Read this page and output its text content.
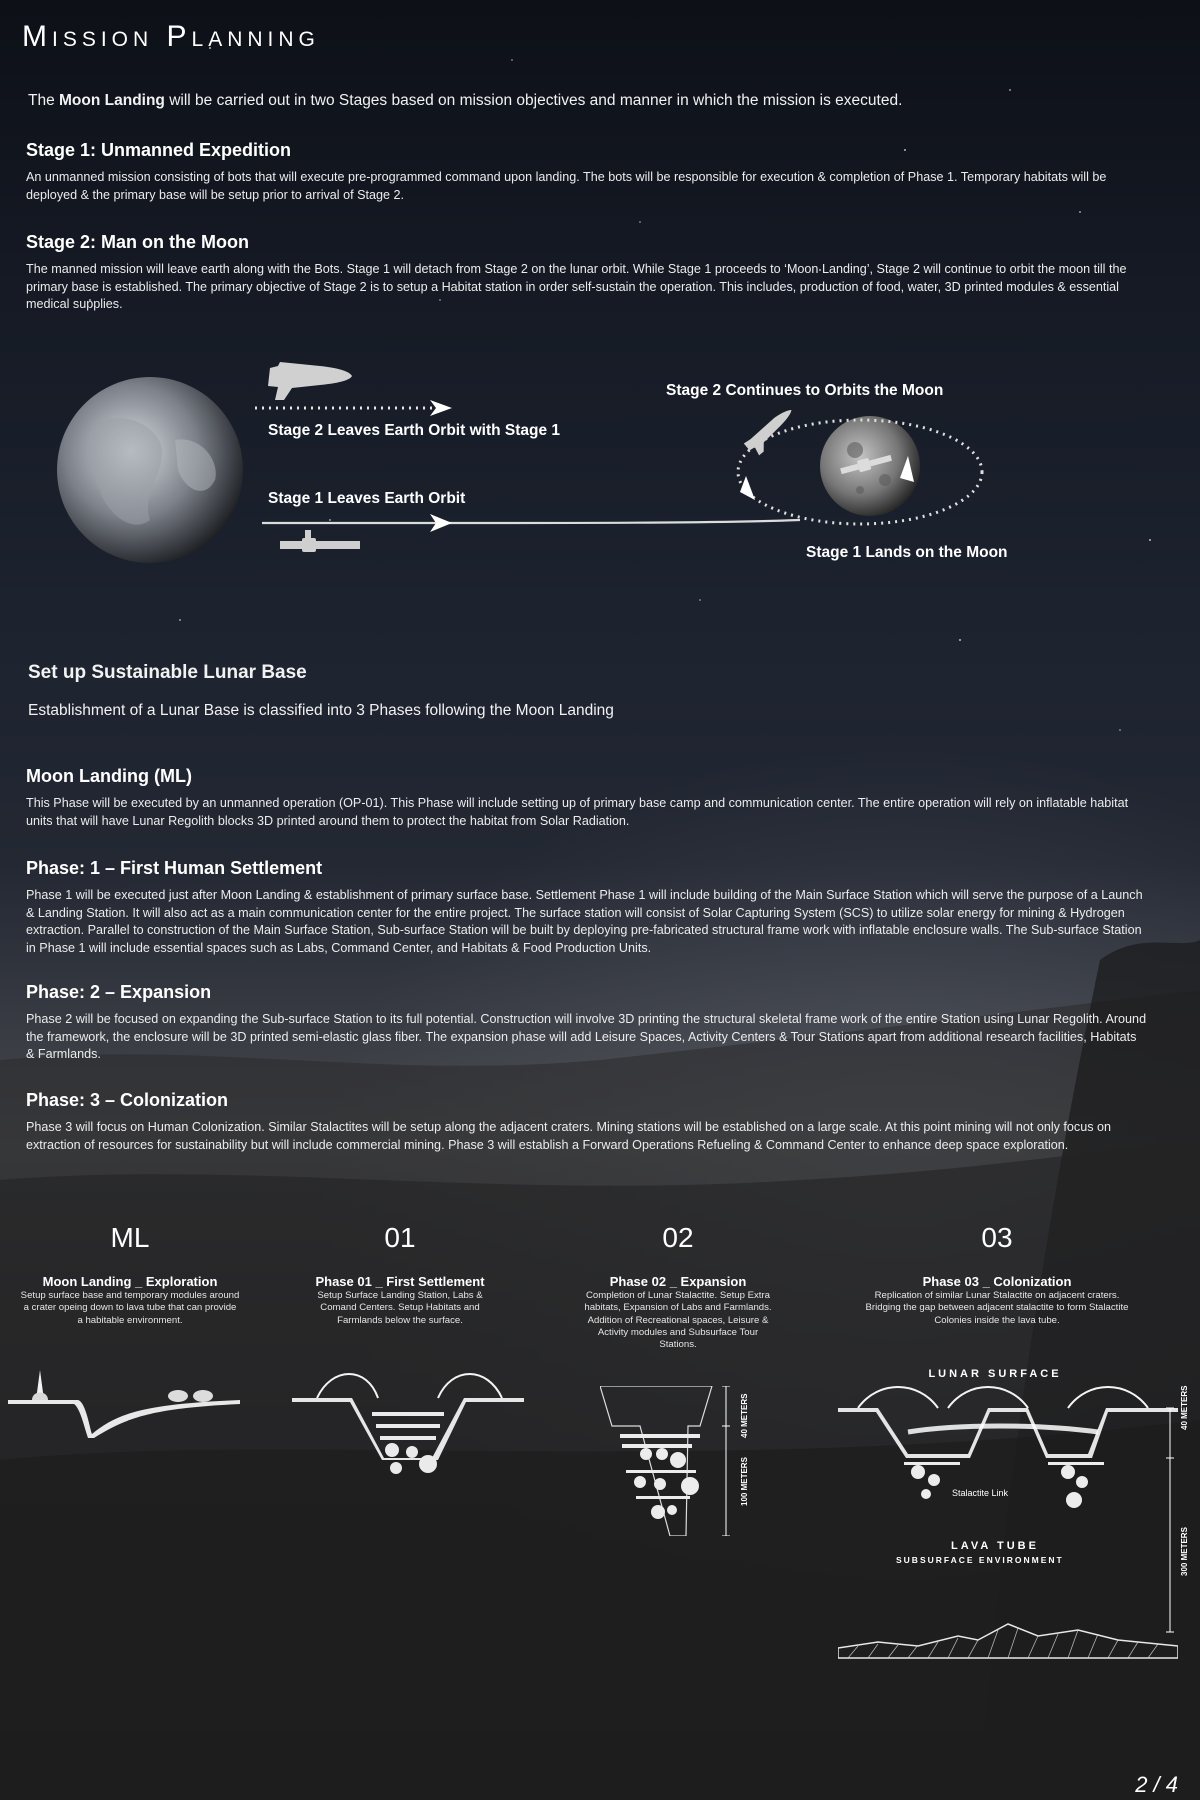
Mission Planning
The Moon Landing will be carried out in two Stages based on mission objectives and manner in which the mission is executed.
Stage 1: Unmanned Expedition

An unmanned mission consisting of bots that will execute pre-programmed command upon landing. The bots will be responsible for execution & completion of Phase 1. Temporary habitats will be deployed & the primary base will be setup prior to arrival of Stage 2.

Stage 2: Man on the Moon

The manned mission will leave earth along with the Bots. Stage 1 will detach from Stage 2 on the lunar orbit. While Stage 1 proceeds to ‘Moon Landing’, Stage 2 will continue to orbit the moon till the primary base is established. The primary objective of Stage 2 is to setup a Habitat station in order self-sustain the operation. This includes, production of food, water, 3D printed modules & essential medical supplies.

Stage 2 Leaves Earth Orbit with Stage 1
Stage 1 Leaves Earth Orbit
Stage 2 Continues to Orbits the Moon
Stage 1 Lands on the Moon
Set up Sustainable Lunar Base
Establishment of a Lunar Base is classified into 3 Phases following the Moon Landing
Moon Landing (ML)

This Phase will be executed by an unmanned operation (OP-01). This Phase will include setting up of primary base camp and communication center. The entire operation will rely on inflatable habitat units that will have Lunar Regolith blocks 3D printed around them to protect the habitat from Solar Radiation.

Phase: 1 – First Human Settlement

Phase 1 will be executed just after Moon Landing & establishment of primary surface base. Settlement Phase 1 will include building of the Main Surface Station which will serve the purpose of a Launch & Landing Station. It will also act as a main communication center for the entire project. The surface station will consist of Solar Capturing System (SCS) to utilize solar energy for mining & Hydrogen extraction. Parallel to construction of the Main Surface Station, Sub-surface Station will be built by deploying pre-fabricated structural frame work with inflatable enclosure walls. The Sub-surface Station in Phase 1 will include essential spaces such as Labs, Command Center, and Habitats & Food Production Units.

Phase: 2 – Expansion

Phase 2 will be focused on expanding the Sub-surface Station to its full potential. Construction will involve 3D printing the structural skeletal frame work of the entire Station using Lunar Regolith. Around the framework, the enclosure will be 3D printed semi-elastic glass fiber. The expansion phase will add Leisure Spaces, Activity Centers & Tour Stations apart from additional research facilities, Habitats & Farmlands.

Phase: 3 – Colonization

Phase 3 will focus on Human Colonization. Similar Stalactites will be setup along the adjacent craters. Mining stations will be established on a large scale. At this point mining will not only focus on extraction of resources for sustainability but will include commercial mining. Phase 3 will establish a Forward Operations Refueling & Command Center to enhance deep space exploration.

ML
Moon Landing _ Exploration
Setup surface base and temporary modules around a crater opeing down to lava tube that can provide a habitable environment.
01
Phase 01 _ First Settlement
Setup Surface Landing Station, Labs & Comand Centers. Setup Habitats and Farmlands below the surface.
02
Phase 02 _ Expansion
Completion of Lunar Stalactite. Setup Extra habitats, Expansion of Labs and Farmlands. Addition of Recreational spaces, Leisure & Activity modules and Subsurface Tour Stations.
03
Phase 03 _ Colonization
Replication of similar Lunar Stalactite on adjacent craters. Bridging the gap between adjacent stalactite to form Stalactite Colonies inside the lava tube.
40 METERS
100 METERS
LUNAR SURFACE
Stalactite Link
LAVA TUBE
SUBSURFACE ENVIRONMENT
40 METERS
300 METERS
2 / 4
